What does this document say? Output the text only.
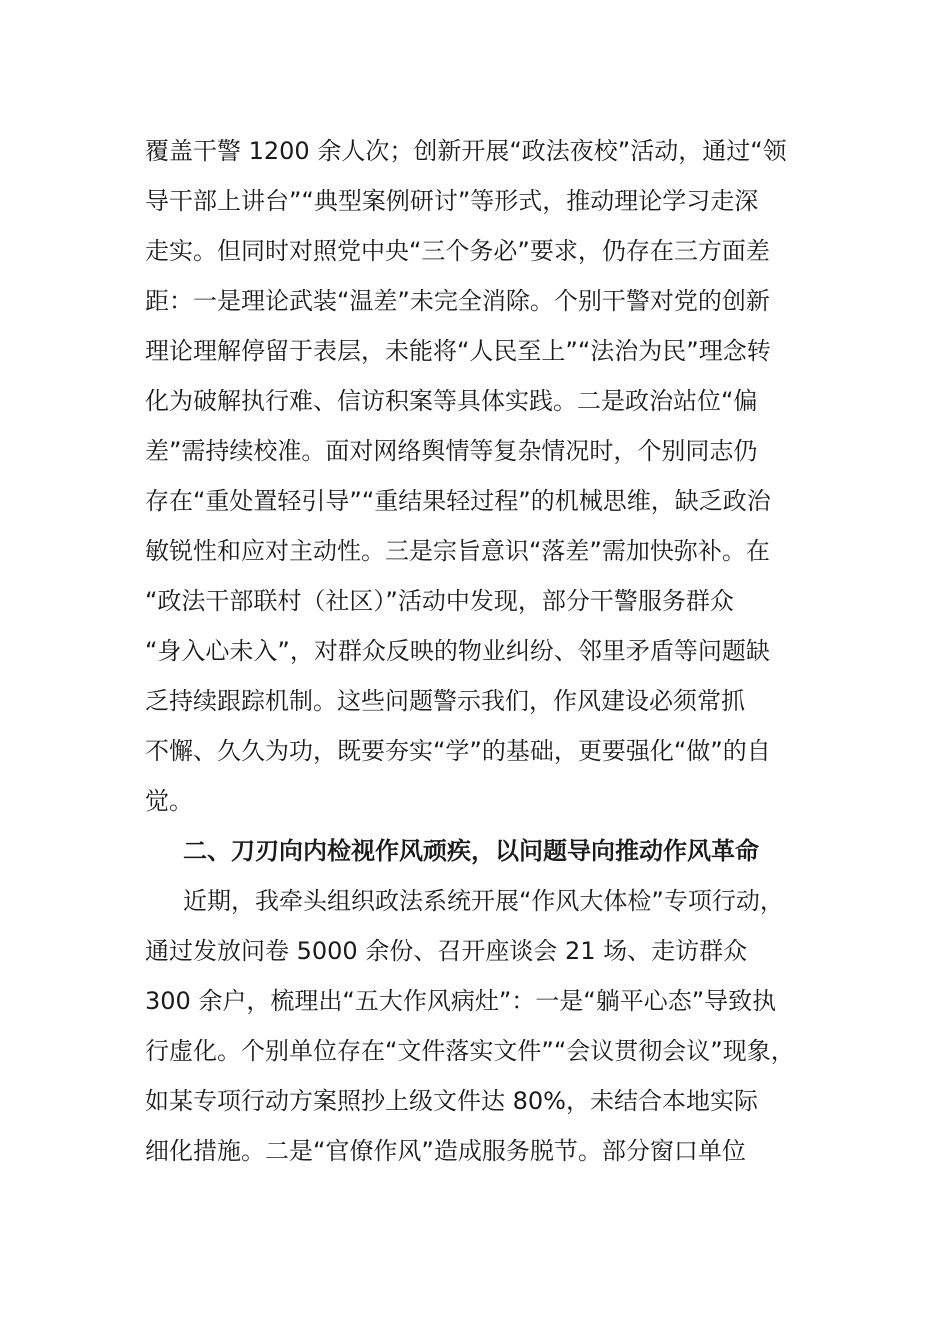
覆盖干警 1200 余人次；创新开展“政法夜校”活动，通过“领
导干部上讲台”“典型案例研讨”等形式，推动理论学习走深
走实。但同时对照党中央“三个务必”要求，仍存在三方面差
距：一是理论武装“温差”未完全消除。个别干警对党的创新
理论理解停留于表层，未能将“人民至上”“法治为民”理念转
化为破解执行难、信访积案等具体实践。二是政治站位“偏
差”需持续校准。面对网络舆情等复杂情况时，个别同志仍
存在“重处置轻引导”“重结果轻过程”的机械思维，缺乏政治
敏锐性和应对主动性。三是宗旨意识“落差”需加快弥补。在
“政法干部联村（社区）”活动中发现，部分干警服务群众
“身入心未入”，对群众反映的物业纠纷、邻里矛盾等问题缺
乏持续跟踪机制。这些问题警示我们，作风建设必须常抓
不懈、久久为功，既要夯实“学”的基础，更要强化“做”的自
觉。
二、刀刃向内检视作风顽疾，以问题导向推动作风革命
近期，我牵头组织政法系统开展“作风大体检”专项行动，
通过发放问卷 5000 余份、召开座谈会 21 场、走访群众
300 余户，梳理出“五大作风病灶”：一是“躺平心态”导致执
行虚化。个别单位存在“文件落实文件”“会议贯彻会议”现象，
如某专项行动方案照抄上级文件达 80%，未结合本地实际
细化措施。二是“官僚作风”造成服务脱节。部分窗口单位
